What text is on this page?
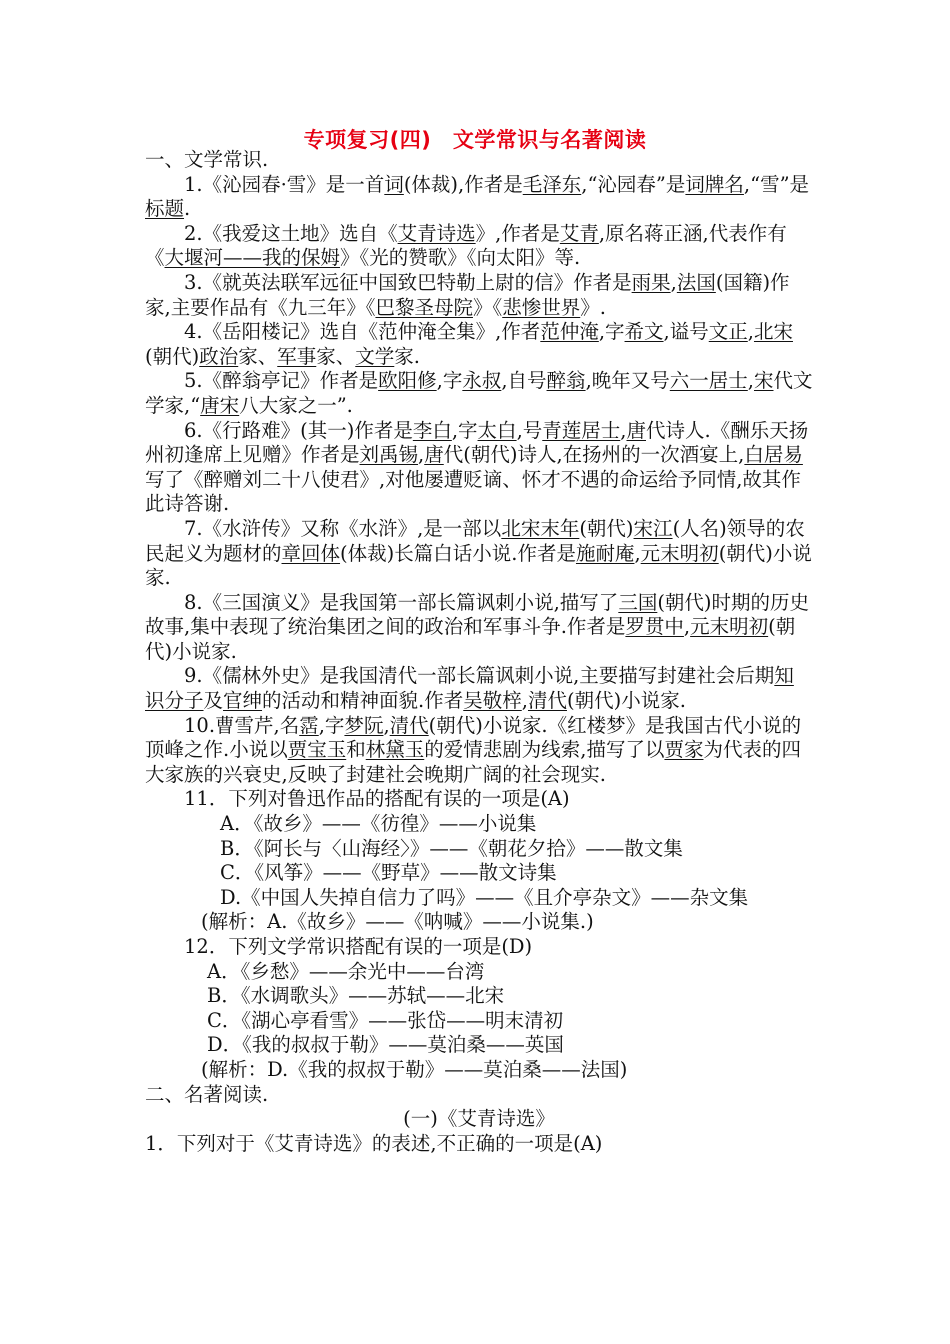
专项复习(四)　文学常识与名著阅读

一、文学常识.

1.《沁园春·雪》是一首词(体裁),作者是毛泽东,“沁园春”是词牌名,“雪”是标题.

2.《我爱这土地》选自《艾青诗选》,作者是艾青,原名蒋正涵,代表作有《大堰河——我的保姆》《光的赞歌》《向太阳》等.

3.《就英法联军远征中国致巴特勒上尉的信》作者是雨果,法国(国籍)作家,主要作品有《九三年》《巴黎圣母院》《悲惨世界》.

4.《岳阳楼记》选自《范仲淹全集》,作者范仲淹,字希文,谥号文正,北宋(朝代)政治家、军事家、文学家.

5.《醉翁亭记》作者是欧阳修,字永叔,自号醉翁,晚年又号六一居士,宋代文学家,“唐宋八大家之一”.

6.《行路难》(其一)作者是李白,字太白,号青莲居士,唐代诗人.《酬乐天扬州初逢席上见赠》作者是刘禹锡,唐代(朝代)诗人,在扬州的一次酒宴上,白居易写了《醉赠刘二十八使君》,对他屡遭贬谪、怀才不遇的命运给予同情,故其作此诗答谢.

7.《水浒传》又称《水浒》,是一部以北宋末年(朝代)宋江(人名)领导的农民起义为题材的章回体(体裁)长篇白话小说.作者是施耐庵,元末明初(朝代)小说家.

8.《三国演义》是我国第一部长篇讽刺小说,描写了三国(朝代)时期的历史故事,集中表现了统治集团之间的政治和军事斗争.作者是罗贯中,元末明初(朝代)小说家.

9.《儒林外史》是我国清代一部长篇讽刺小说,主要描写封建社会后期知识分子及官绅的活动和精神面貌.作者吴敬梓,清代(朝代)小说家.

10.曹雪芹,名霑,字梦阮,清代(朝代)小说家.《红楼梦》是我国古代小说的顶峰之作.小说以贾宝玉和林黛玉的爱情悲剧为线索,描写了以贾家为代表的四大家族的兴衰史,反映了封建社会晚期广阔的社会现实.

11．下列对鲁迅作品的搭配有误的一项是(A)

A．《故乡》——《彷徨》——小说集

B．《阿长与〈山海经〉》——《朝花夕拾》——散文集

C．《风筝》——《野草》——散文诗集

D.《中国人失掉自信力了吗》——《且介亭杂文》——杂文集

(解析：A.《故乡》——《呐喊》——小说集.)

12．下列文学常识搭配有误的一项是(D)

A．《乡愁》——余光中——台湾

B．《水调歌头》——苏轼——北宋

C．《湖心亭看雪》——张岱——明末清初

D．《我的叔叔于勒》——莫泊桑——英国

(解析：D.《我的叔叔于勒》——莫泊桑——法国)

二、名著阅读.

(一)《艾青诗选》

1．下列对于《艾青诗选》的表述,不正确的一项是(A)
